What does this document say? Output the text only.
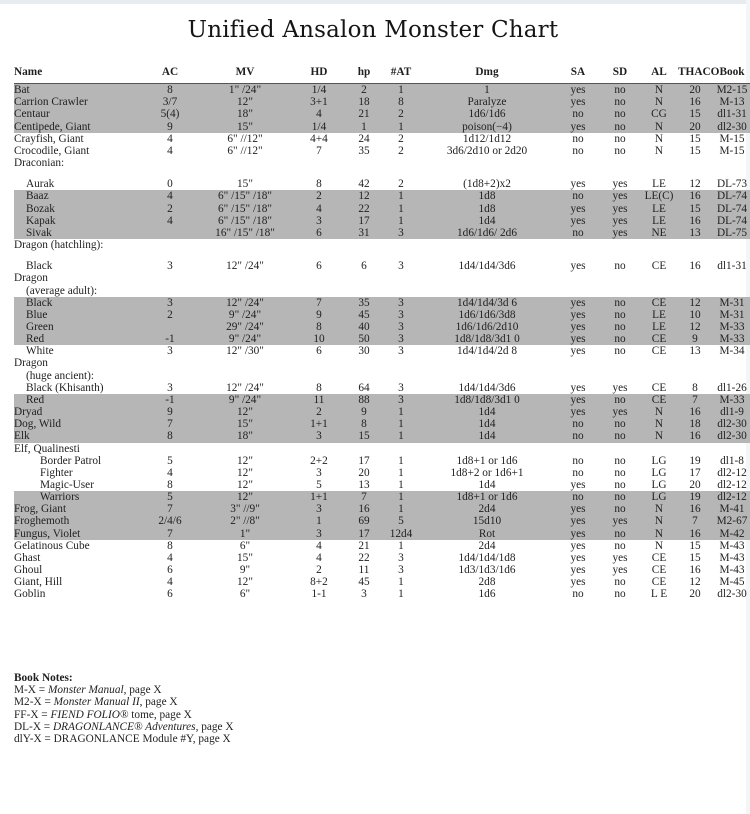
Unified Ansalon Monster Chart
Name	AC	MV	HD	hp	#AT	Dmg	SA	SD	AL	THACO	Book
Bat	8	1" /24"	1/4	2	1	1	yes	no	N	20	M2-15
Carrion Crawler	3/7	12"	3+1	18	8	Paralyze	yes	no	N	16	M-13
Centaur	5(4)	18"	4	21	2	1d6/1d6	no	no	CG	15	dl1-31
Centipede, Giant	9	15"	1/4	1	1	poison(−4)	yes	no	N	20	dl2-30
Crayfish, Giant	4	6" //12"	4+4	24	2	1d12/1d12	no	no	N	15	M-15
Crocodile, Giant	4	6" //12"	7	35	2	3d6/2d10 or 2d20	no	no	N	15	M-15
Draconian:											

Aurak	0	15"	8	42	2	(1d8+2)x2	yes	yes	LE	12	DL-73
Baaz	4	6" /15" /18"	2	12	1	1d8	no	yes	LE(C)	16	DL-74
Bozak	2	6" /15" /18"	4	22	1	1d8	yes	yes	LE	15	DL-74
Kapak	4	6" /15" /18"	3	17	1	1d4	yes	yes	LE	16	DL-74
Sivak		16" /15" /18"	6	31	3	1d6/1d6/ 2d6	no	yes	NE	13	DL-75
Dragon (hatchling):											

Black	3	12" /24"	6	6	3	1d4/1d4/3d6	yes	no	CE	16	dl1-31
Dragon											
(average adult):											
Black	3	12" /24"	7	35	3	1d4/1d4/3d 6	yes	no	CE	12	M-31
Blue	2	9" /24"	9	45	3	1d6/1d6/3d8	yes	no	LE	10	M-31
Green		29" /24"	8	40	3	1d6/1d6/2d10	yes	no	LE	12	M-33
Red	-1	9" /24"	10	50	3	1d8/1d8/3d1 0	yes	no	CE	9	M-33
White	3	12" /30"	6	30	3	1d4/1d4/2d 8	yes	no	CE	13	M-34
Dragon											
(huge ancient):											
Black (Khisanth)	3	12" /24"	8	64	3	1d4/1d4/3d6	yes	yes	CE	8	dl1-26
Red	-1	9" /24"	11	88	3	1d8/1d8/3d1 0	yes	no	CE	7	M-33
Dryad	9	12"	2	9	1	1d4	yes	yes	N	16	dl1-9
Dog, Wild	7	15"	1+1	8	1	1d4	no	no	N	18	dl2-30
Elk	8	18"	3	15	1	1d4	no	no	N	16	dl2-30
Elf, Qualinesti											
Border Patrol	5	12"	2+2	17	1	1d8+1 or 1d6	no	no	LG	19	dl1-8
Fighter	4	12"	3	20	1	1d8+2 or 1d6+1	no	no	LG	17	dl2-12
Magic-User	8	12"	5	13	1	1d4	yes	no	LG	20	dl2-12
Warriors	5	12"	1+1	7	1	1d8+1 or 1d6	no	no	LG	19	dl2-12
Frog, Giant	7	3" //9"	3	16	1	2d4	yes	no	N	16	M-41
Froghemoth	2/4/6	2" //8"	1	69	5	15d10	yes	yes	N	7	M2-67
Fungus, Violet	7	1"	3	17	12d4	Rot	yes	no	N	16	M-42
Gelatinous Cube	8	6"	4	21	1	2d4	yes	no	N	15	M-43
Ghast	4	15"	4	22	3	1d4/1d4/1d8	yes	yes	CE	15	M-43
Ghoul	6	9"	2	11	3	1d3/1d3/1d6	yes	yes	CE	16	M-43
Giant, Hill	4	12"	8+2	45	1	2d8	yes	no	CE	12	M-45
Goblin	6	6"	1-1	3	1	1d6	no	no	L E	20	dl2-30
Book Notes:
M-X = Monster Manual, page X
M2-X = Monster Manual II, page X
FF-X = FIEND FOLIO® tome, page X
DL-X = DRAGONLANCE® Adventures, page X
dlY-X = DRAGONLANCE Module #Y, page X
